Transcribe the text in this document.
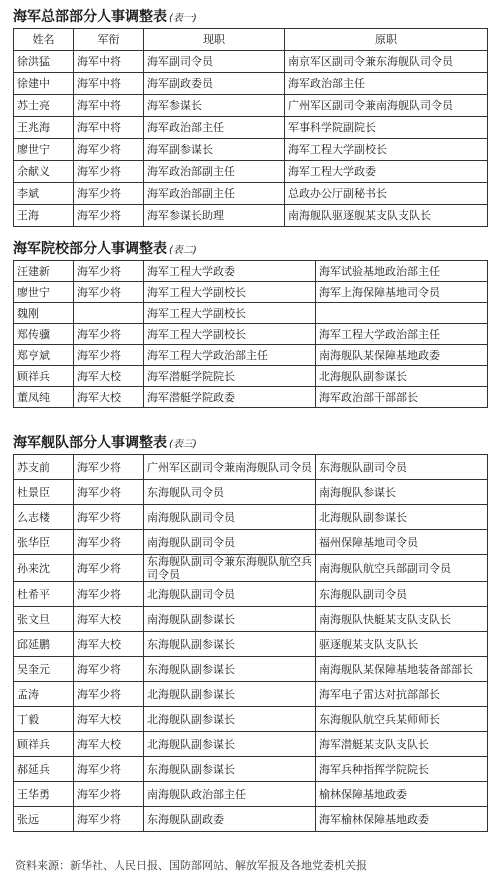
海军总部部分人事调整表 (表一)
姓名	军衔	现职	原职
徐洪猛	海军中将	海军副司令员	南京军区副司令兼东海舰队司令员
徐建中	海军中将	海军副政委员	海军政治部主任
苏士亮	海军中将	海军参谋长	广州军区副司令兼南海舰队司令员
王兆海	海军中将	海军政治部主任	军事科学院副院长
廖世宁	海军少将	海军副参谋长	海军工程大学副校长
余献义	海军少将	海军政治部副主任	海军工程大学政委
李斌	海军少将	海军政治部副主任	总政办公厅副秘书长
王海	海军少将	海军参谋长助理	南海舰队驱逐舰某支队支队长
海军院校部分人事调整表 (表二)
汪建新	海军少将	海军工程大学政委	海军试验基地政治部主任
廖世宁	海军少将	海军工程大学副校长	海军上海保障基地司令员
魏刚		海军工程大学副校长	
郑传骥	海军少将	海军工程大学副校长	海军工程大学政治部主任
郑亨斌	海军少将	海军工程大学政治部主任	南海舰队某保障基地政委
顾祥兵	海军大校	海军潜艇学院院长	北海舰队副参谋长
董凤纯	海军大校	海军潜艇学院政委	海军政治部干部部长
海军舰队部分人事调整表 (表三)
苏支前	海军少将	广州军区副司令兼南海舰队司令员	东海舰队副司令员
杜景臣	海军少将	东海舰队司令员	南海舰队参谋长
么志楼	海军少将	南海舰队副司令员	北海舰队副参谋长
张华臣	海军少将	南海舰队副司令员	福州保障基地司令员
孙来沈	海军少将	东海舰队副司令兼东海舰队航空兵司令员	南海舰队航空兵部副司令员
杜希平	海军少将	北海舰队副司令员	东海舰队副司令员
张文旦	海军大校	南海舰队副参谋长	南海舰队快艇某支队支队长
邱延鹏	海军大校	东海舰队副参谋长	驱逐舰某支队支队长
吴奎元	海军少将	东海舰队副参谋长	南海舰队某保障基地装备部部长
孟涛	海军少将	北海舰队副参谋长	海军电子雷达对抗部部长
丁毅	海军大校	北海舰队副参谋长	东海舰队航空兵某师师长
顾祥兵	海军大校	北海舰队副参谋长	海军潜艇某支队支队长
郝延兵	海军少将	东海舰队副参谋长	海军兵种指挥学院院长
王华勇	海军少将	南海舰队政治部主任	榆林保障基地政委
张远	海军少将	东海舰队副政委	海军榆林保障基地政委
资料来源：新华社、人民日报、国防部网站、解放军报及各地党委机关报
